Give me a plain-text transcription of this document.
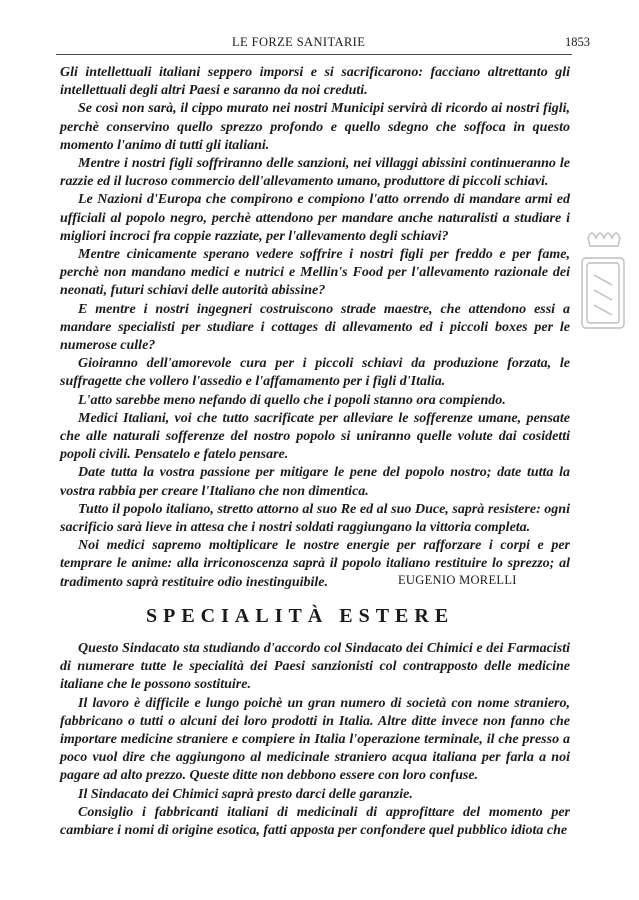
LE FORZE SANITARIE	1853

Gli intellettuali italiani seppero imporsi e si sacrificarono: facciano altrettanto gli intellettuali degli altri Paesi e saranno da noi creduti.

Se così non sarà, il cippo murato nei nostri Municipi servirà di ricordo ai nostri figli, perchè conservino quello sprezzo profondo e quello sdegno che soffoca in questo momento l'animo di tutti gli italiani.

Mentre i nostri figli soffriranno delle sanzioni, nei villaggi abissini continueranno le razzie ed il lucroso commercio dell'allevamento umano, produttore di piccoli schiavi.

Le Nazioni d'Europa che compirono e compiono l'atto orrendo di mandare armi ed ufficiali al popolo negro, perchè attendono per mandare anche naturalisti a studiare i migliori incroci fra coppie razziate, per l'allevamento degli schiavi?

Mentre cinicamente sperano vedere soffrire i nostri figli per freddo e per fame, perchè non mandano medici e nutrici e Mellin's Food per l'allevamento razionale dei neonati, futuri schiavi delle autorità abissine?

E mentre i nostri ingegneri costruiscono strade maestre, che attendono essi a mandare specialisti per studiare i cottages di allevamento ed i piccoli boxes per le numerose culle?

Gioiranno dell'amorevole cura per i piccoli schiavi da produzione forzata, le suffragette che vollero l'assedio e l'affamamento per i figli d'Italia.

L'atto sarebbe meno nefando di quello che i popoli stanno ora compiendo.

Medici Italiani, voi che tutto sacrificate per alleviare le sofferenze umane, pensate che alle naturali sofferenze del nostro popolo si uniranno quelle volute dai cosidetti popoli civili. Pensatelo e fatelo pensare.

Date tutta la vostra passione per mitigare le pene del popolo nostro; date tutta la vostra rabbia per creare l'Italiano che non dimentica.

Tutto il popolo italiano, stretto attorno al suo Re ed al suo Duce, saprà resistere: ogni sacrificio sarà lieve in attesa che i nostri soldati raggiungano la vittoria completa.

Noi medici sapremo moltiplicare le nostre energie per rafforzare i corpi e per temprare le anime: alla irriconoscenza saprà il popolo italiano restituire lo sprezzo; al tradimento saprà restituire odio inestinguibile.	EUGENIO MORELLI
SPECIALITÀ ESTERE

Questo Sindacato sta studiando d'accordo col Sindacato dei Chimici e dei Farmacisti di numerare tutte le specialità dei Paesi sanzionisti col contrapposto delle medicine italiane che le possono sostituire.

Il lavoro è difficile e lungo poichè un gran numero di società con nome straniero, fabbricano o tutti o alcuni dei loro prodotti in Italia. Altre ditte invece non fanno che importare medicine straniere e compiere in Italia l'operazione terminale, il che presso a poco vuol dire che aggiungono al medicinale straniero acqua italiana per farla a noi pagare ad alto prezzo. Queste ditte non debbono essere con loro confuse.

Il Sindacato dei Chimici saprà presto darci delle garanzie.

Consiglio i fabbricanti italiani di medicinali di approfittare del momento per cambiare i nomi di origine esotica, fatti apposta per confondere quel pubblico idiota che
